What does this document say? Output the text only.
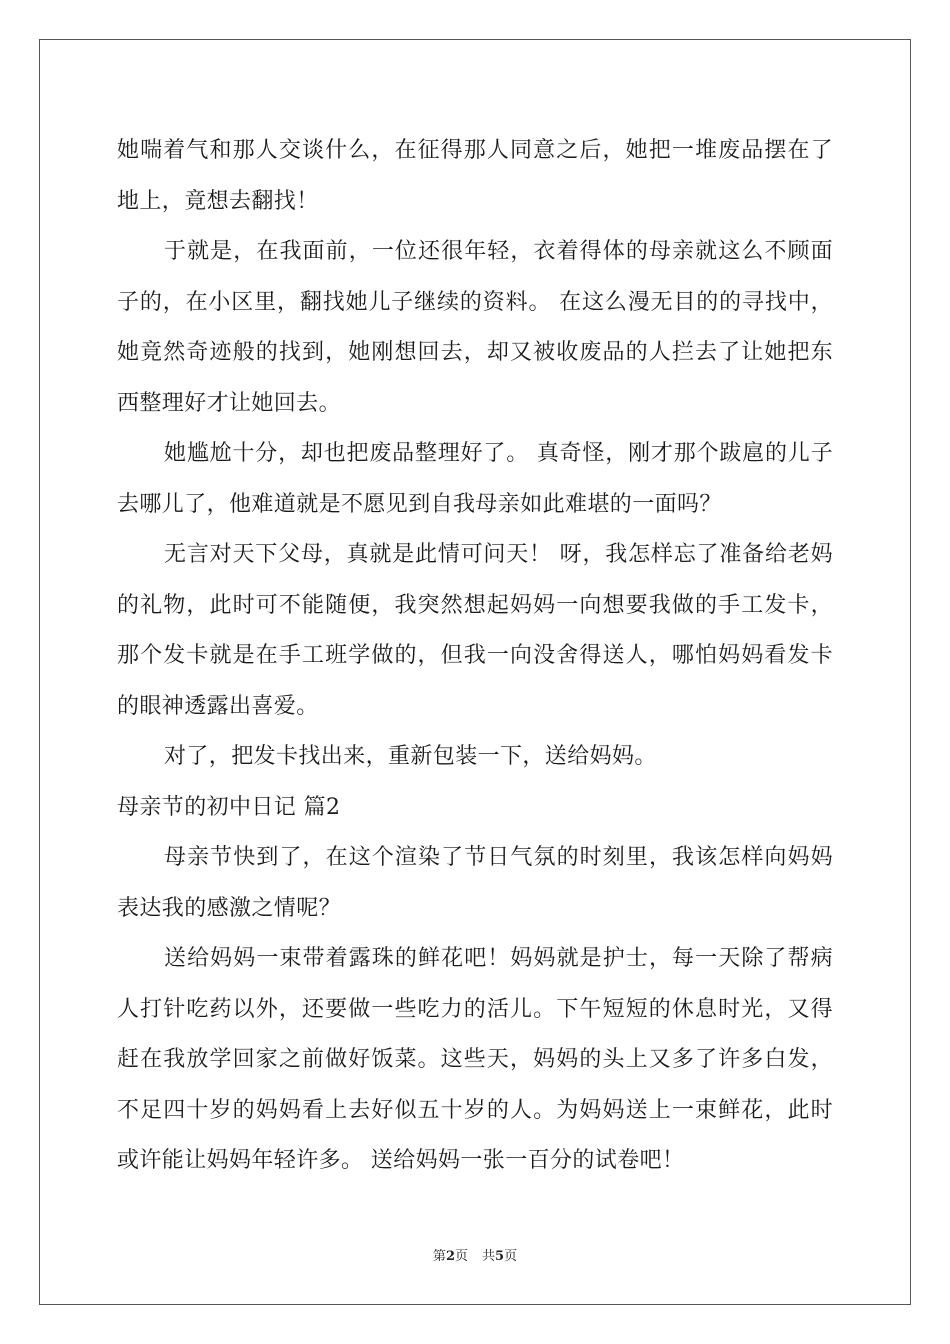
她喘着气和那人交谈什么，在征得那人同意之后，她把一堆废品摆在了地上，竟想去翻找！

于就是，在我面前，一位还很年轻，衣着得体的母亲就这么不顾面子的，在小区里，翻找她儿子继续的资料。 在这么漫无目的的寻找中，她竟然奇迹般的找到，她刚想回去，却又被收废品的人拦去了让她把东西整理好才让她回去。

她尴尬十分，却也把废品整理好了。 真奇怪，刚才那个跋扈的儿子去哪儿了，他难道就是不愿见到自我母亲如此难堪的一面吗？

无言对天下父母，真就是此情可问天！ 呀，我怎样忘了准备给老妈的礼物，此时可不能随便，我突然想起妈妈一向想要我做的手工发卡，那个发卡就是在手工班学做的，但我一向没舍得送人，哪怕妈妈看发卡的眼神透露出喜爱。

对了，把发卡找出来，重新包装一下，送给妈妈。

母亲节的初中日记 篇2

母亲节快到了，在这个渲染了节日气氛的时刻里，我该怎样向妈妈表达我的感激之情呢？

送给妈妈一束带着露珠的鲜花吧！妈妈就是护士，每一天除了帮病人打针吃药以外，还要做一些吃力的活儿。下午短短的休息时光，又得赶在我放学回家之前做好饭菜。这些天，妈妈的头上又多了许多白发，不足四十岁的妈妈看上去好似五十岁的人。为妈妈送上一束鲜花，此时或许能让妈妈年轻许多。 送给妈妈一张一百分的试卷吧！

第2页 共5页
